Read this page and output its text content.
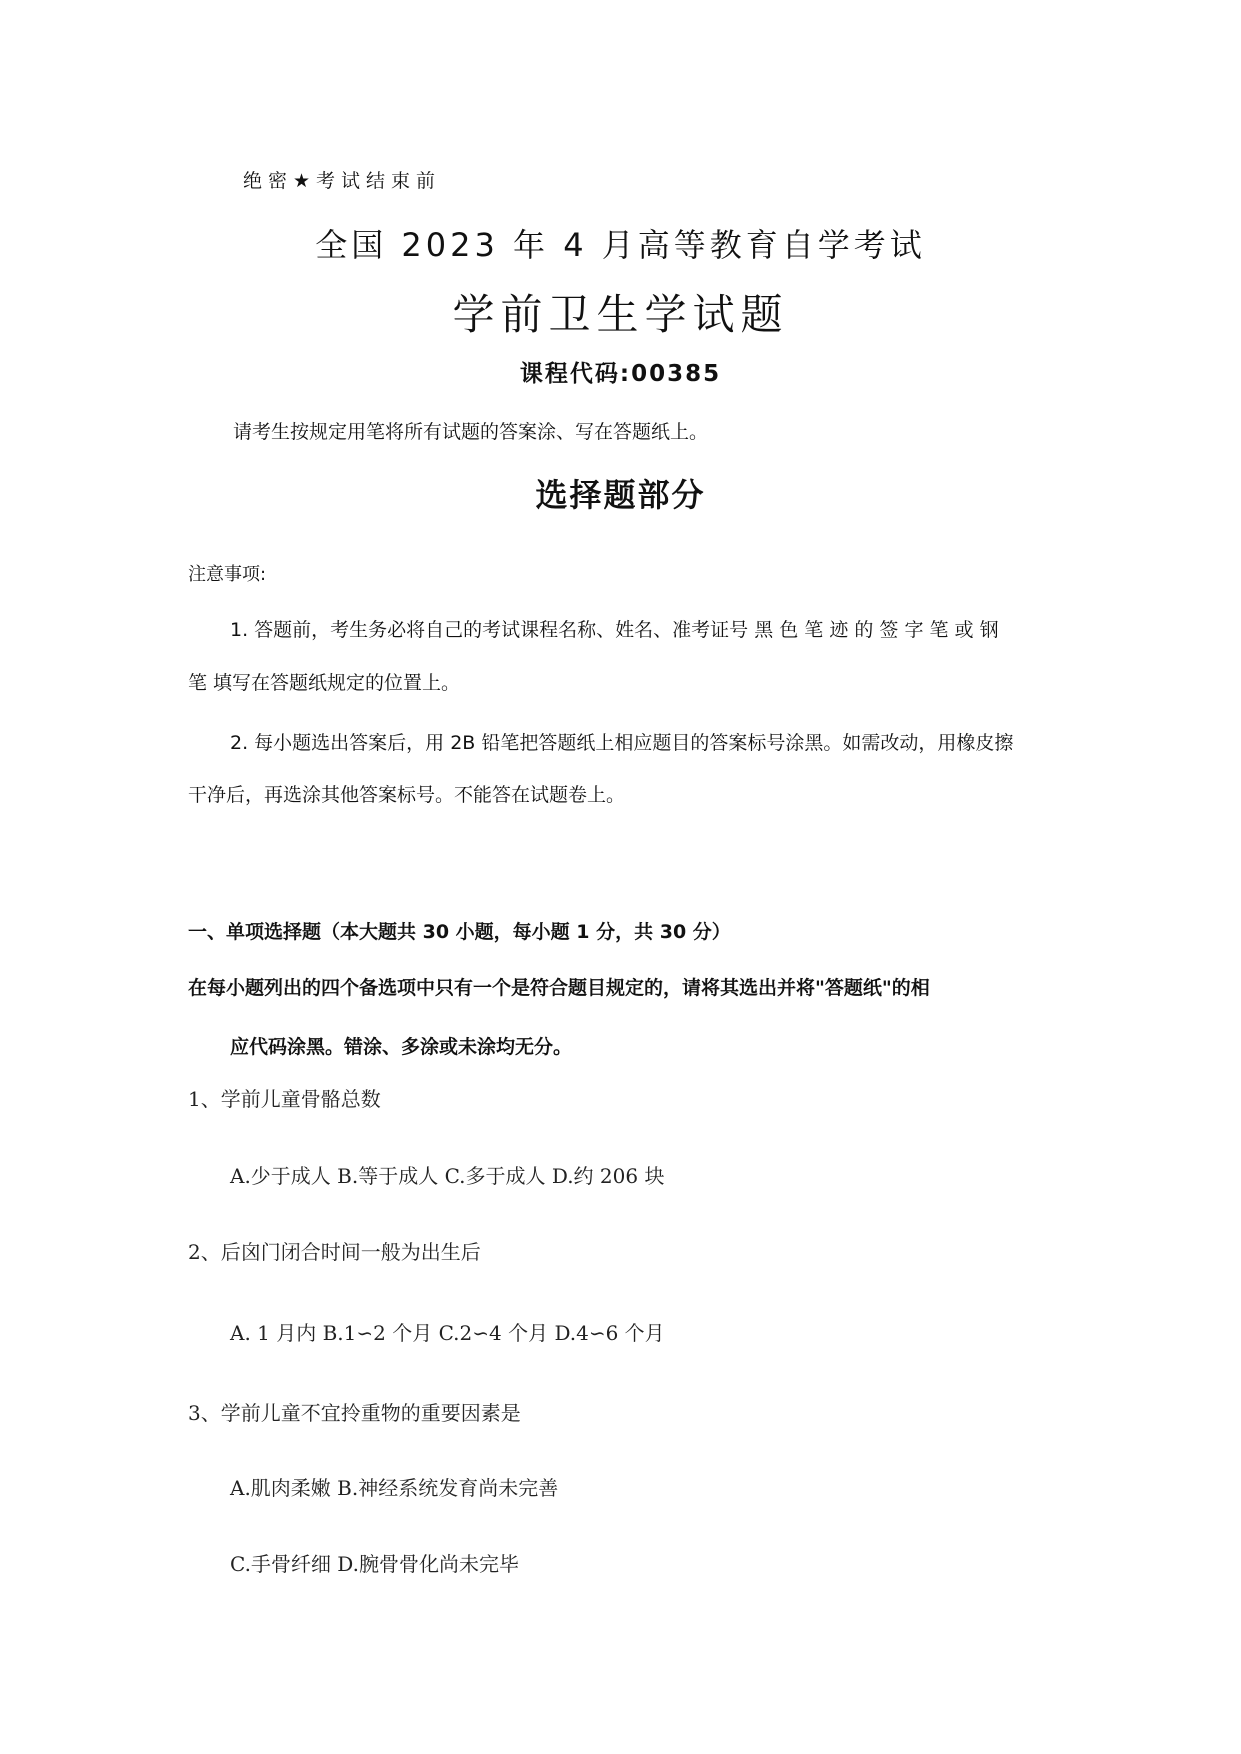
绝密★考试结束前
全国 2023 年 4 月高等教育自学考试
学前卫生学试题
课程代码:00385
请考生按规定用笔将所有试题的答案涂、写在答题纸上。
选择题部分
注意事项:
1. 答题前，考生务必将自己的考试课程名称、姓名、准考证号 黑 色 笔 迹 的 签 字 笔 或 钢
笔 填写在答题纸规定的位置上。
2. 每小题选出答案后，用 2B 铅笔把答题纸上相应题目的答案标号涂黑。如需改动，用橡皮擦
干净后，再选涂其他答案标号。不能答在试题卷上。
一、单项选择题（本大题共 30 小题，每小题 1 分，共 30 分）
在每小题列出的四个备选项中只有一个是符合题目规定的，请将其选出并将"答题纸"的相
应代码涂黑。错涂、多涂或未涂均无分。
1、学前儿童骨骼总数
A.少于成人 B.等于成人 C.多于成人 D.约 206 块
2、后囟门闭合时间一般为出生后
A. 1 月内 B.1∽2 个月 C.2∽4 个月 D.4∽6 个月
3、学前儿童不宜拎重物的重要因素是
A.肌肉柔嫩 B.神经系统发育尚未完善
C.手骨纤细 D.腕骨骨化尚未完毕
